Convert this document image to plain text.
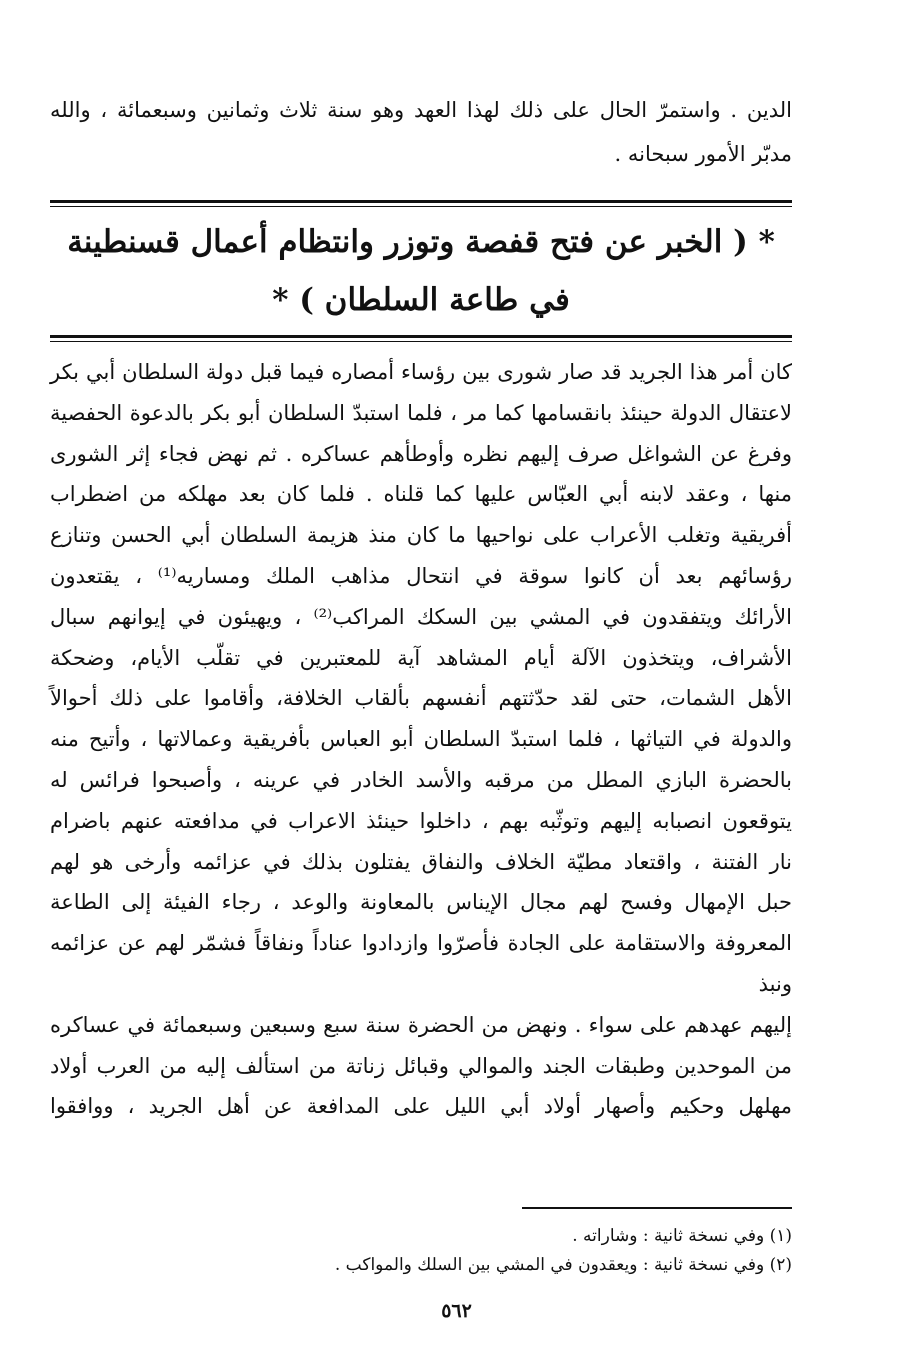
الدين . واستمرّ الحال على ذلك لهذا العهد وهو سنة ثلاث وثمانين وسبعمائة ، والله مدبّر الأمور سبحانه .

* ( الخبر عن فتح قفصة وتوزر وانتظام أعمال قسنطينة في طاعة السلطان ) *
كان أمر هذا الجريد قد صار شورى بين رؤساء أمصاره فيما قبل دولة السلطان أبي بكر
لاعتقال الدولة حينئذ بانقسامها كما مر ، فلما استبدّ السلطان أبو بكر بالدعوة الحفصية
وفرغ عن الشواغل صرف إليهم نظره وأوطأهم عساكره . ثم نهض فجاء إثر الشورى
منها ، وعقد لابنه أبي العبّاس عليها كما قلناه . فلما كان بعد مهلكه من اضطراب
أفريقية وتغلب الأعراب على نواحيها ما كان منذ هزيمة السلطان أبي الحسن وتنازع
رؤسائهم بعد أن كانوا سوقة في انتحال مذاهب الملك ومساريه⁽¹⁾ ، يقتعدون
الأرائك ويتفقدون في المشي بين السكك المراكب⁽²⁾ ، ويهيئون في إيوانهم سبال
الأشراف، ويتخذون الآلة أيام المشاهد آية للمعتبرين في تقلّب الأيام، وضحكة
الأهل الشمات، حتى لقد حدّثتهم أنفسهم بألقاب الخلافة، وأقاموا على ذلك أحوالاً
والدولة في التياثها ، فلما استبدّ السلطان أبو العباس بأفريقية وعمالاتها ، وأتيح منه
بالحضرة البازي المطل من مرقبه والأسد الخادر في عرينه ، وأصبحوا فرائس له
يتوقعون انصبابه إليهم وتوثّبه بهم ، داخلوا حينئذ الاعراب في مدافعته عنهم باضرام
نار الفتنة ، واقتعاد مطيّة الخلاف والنفاق يفتلون بذلك في عزائمه وأرخى هو لهم
حبل الإمهال وفسح لهم مجال الإيناس بالمعاونة والوعد ، رجاء الفيئة إلى الطاعة
المعروفة والاستقامة على الجادة فأصرّوا وازدادوا عناداً ونفاقاً فشمّر لهم عن عزائمه ونبذ
إليهم عهدهم على سواء . ونهض من الحضرة سنة سبع وسبعين وسبعمائة في عساكره
من الموحدين وطبقات الجند والموالي وقبائل زناتة من استألف إليه من العرب أولاد
مهلهل وحكيم وأصهار أولاد أبي الليل على المدافعة عن أهل الجريد ، ووافقوا

(١) وفي نسخة ثانية : وشاراته .

(٢) وفي نسخة ثانية : ويعقدون في المشي بين السلك والمواكب .

٥٦٢
